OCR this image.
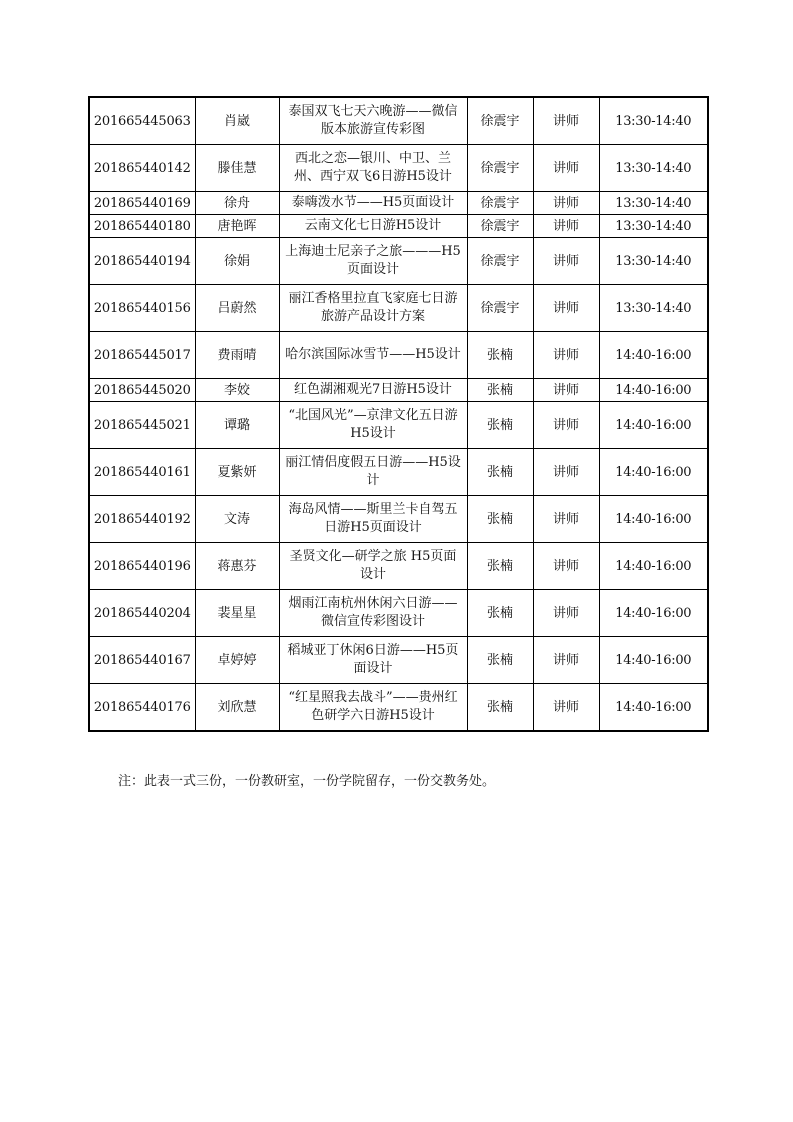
201665445063	肖崴	泰国双飞七天六晚游——微信版本旅游宣传彩图	徐震宇	讲师	13:30-14:40
201865440142	滕佳慧	西北之恋—银川、中卫、兰州、西宁双飞6日游H5设计	徐震宇	讲师	13:30-14:40
201865440169	徐舟	泰嗨泼水节——H5页面设计	徐震宇	讲师	13:30-14:40
201865440180	唐艳晖	云南文化七日游H5设计	徐震宇	讲师	13:30-14:40
201865440194	徐娟	上海迪士尼亲子之旅———H5页面设计	徐震宇	讲师	13:30-14:40
201865440156	吕蔚然	丽江香格里拉直飞家庭七日游旅游产品设计方案	徐震宇	讲师	13:30-14:40
201865445017	费雨晴	哈尔滨国际冰雪节——H5设计	张楠	讲师	14:40-16:00
201865445020	李姣	红色湖湘观光7日游H5设计	张楠	讲师	14:40-16:00
201865445021	谭璐	“北国风光”—京津文化五日游H5设计	张楠	讲师	14:40-16:00
201865440161	夏紫妍	丽江情侣度假五日游——H5设计	张楠	讲师	14:40-16:00
201865440192	文涛	海岛风情——斯里兰卡自驾五日游H5页面设计	张楠	讲师	14:40-16:00
201865440196	蒋惠芬	圣贤文化—研学之旅 H5页面设计	张楠	讲师	14:40-16:00
201865440204	裴星星	烟雨江南杭州休闲六日游——微信宣传彩图设计	张楠	讲师	14:40-16:00
201865440167	卓婷婷	稻城亚丁休闲6日游——H5页面设计	张楠	讲师	14:40-16:00
201865440176	刘欣慧	“红星照我去战斗”——贵州红色研学六日游H5设计	张楠	讲师	14:40-16:00
注：此表一式三份，一份教研室，一份学院留存，一份交教务处。
